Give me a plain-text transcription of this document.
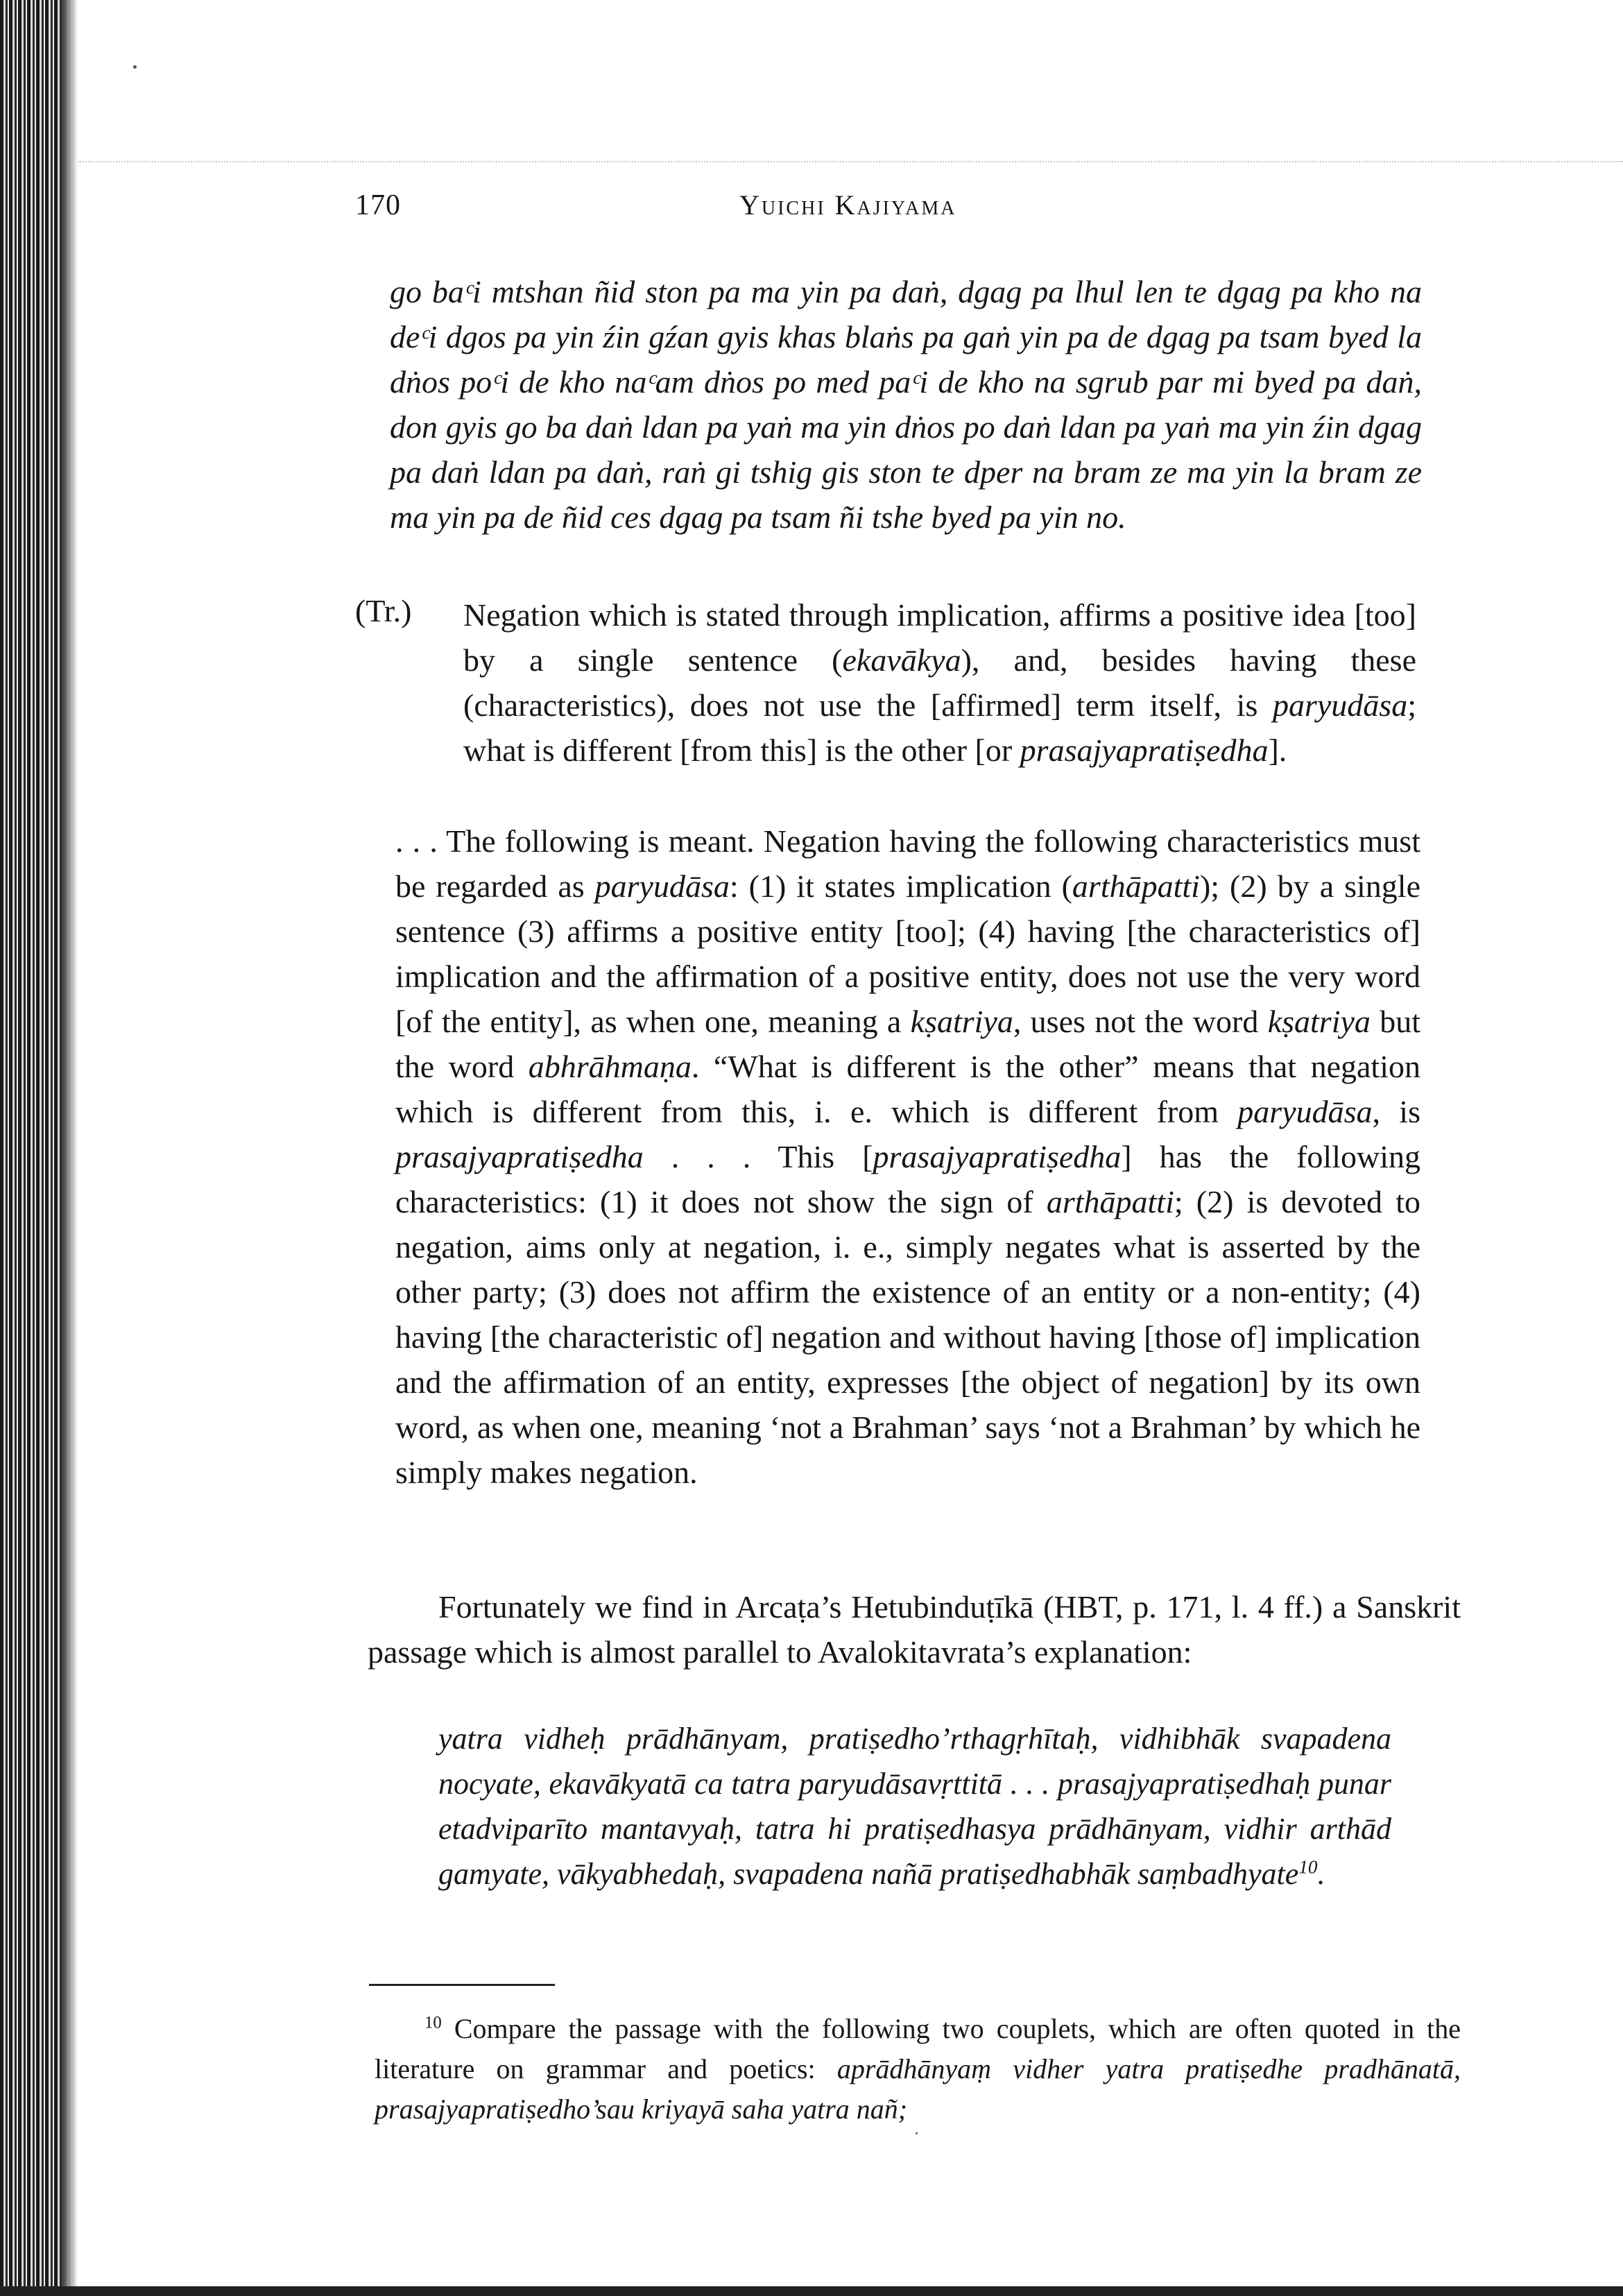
170	Yuichi Kajiyama
go baᶜi mtshan ñid ston pa ma yin pa daṅ, dgag pa lhul len te dgag pa kho na deᶜi dgos pa yin źin gźan gyis khas blaṅs pa gaṅ yin pa de dgag pa tsam byed la dṅos poᶜi de kho naᶜam dṅos po med paᶜi de kho na sgrub par mi byed pa daṅ, don gyis go ba daṅ ldan pa yaṅ ma yin dṅos po daṅ ldan pa yaṅ ma yin źin dgag pa daṅ ldan pa daṅ, raṅ gi tshig gis ston te dper na bram ze ma yin la bram ze ma yin pa de ñid ces dgag pa tsam ñi tshe byed pa yin no.
(Tr.) Negation which is stated through implication, affirms a positive idea [too] by a single sentence (ekavākya), and, besides having these (characteristics), does not use the [affirmed] term itself, is paryudāsa; what is different [from this] is the other [or prasajyapratiṣedha].
. . . The following is meant. Negation having the following characteristics must be regarded as paryudāsa: (1) it states implication (arthāpatti); (2) by a single sentence (3) affirms a positive entity [too]; (4) having [the characteristics of] implication and the affirmation of a positive entity, does not use the very word [of the entity], as when one, meaning a kṣatriya, uses not the word kṣatriya but the word abhrāhmaṇa. “What is different is the other” means that negation which is different from this, i. e. which is different from paryudāsa, is prasajyapratiṣedha . . . This [prasajyapratiṣedha] has the following characteristics: (1) it does not show the sign of arthāpatti; (2) is devoted to negation, aims only at negation, i. e., simply negates what is asserted by the other party; (3) does not affirm the existence of an entity or a non-entity; (4) having [the characteristic of] negation and without having [those of] implication and the affirmation of an entity, expresses [the object of negation] by its own word, as when one, meaning ‘not a Brahman’ says ‘not a Brahman’ by which he simply makes negation.
Fortunately we find in Arcaṭa’s Hetubinduṭīkā (HBT, p. 171, l. 4 ff.) a Sanskrit passage which is almost parallel to Avalokitavrata’s explanation:
yatra vidheḥ prādhānyam, pratiṣedho’rthagṛhītaḥ, vidhibhāk svapadena nocyate, ekavākyatā ca tatra paryudāsavṛttitā . . . prasajyapratiṣedhaḥ punar etadviparīto mantavyaḥ, tatra hi pratiṣedhasya prādhānyam, vidhir arthād gamyate, vākyabhedaḥ, svapadena nañā pratiṣedhabhāk saṃbadhyate$^{10}$.
$^{10}$ Compare the passage with the following two couplets, which are often quoted in the literature on grammar and poetics: aprādhānyaṃ vidher yatra pratiṣedhe pradhānatā, prasajyapratiṣedho’sau kriyayā saha yatra nañ;
